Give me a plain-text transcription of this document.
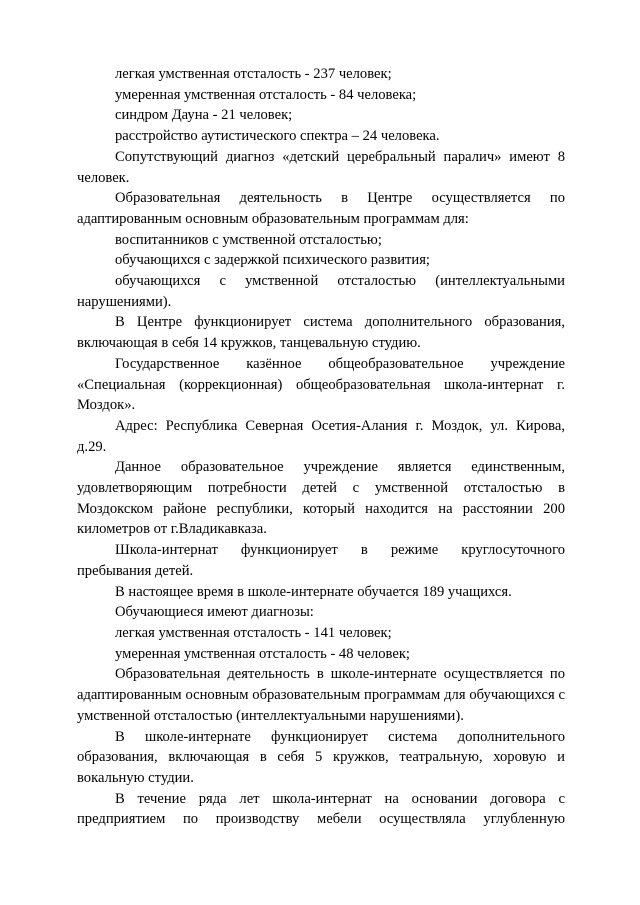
легкая умственная отсталость - 237 человек;

умеренная умственная отсталость - 84 человека;

синдром Дауна - 21 человек;

расстройство аутистического спектра – 24 человека.

Сопутствующий диагноз «детский церебральный паралич» имеют 8 человек.

Образовательная деятельность в Центре осуществляется по адаптированным основным образовательным программам для:

воспитанников с умственной отсталостью;

обучающихся с задержкой психического развития;

обучающихся с умственной отсталостью (интеллектуальными нарушениями).

В Центре функционирует система дополнительного образования, включающая в себя 14 кружков, танцевальную студию.

Государственное казённое общеобразовательное учреждение «Специальная (коррекционная) общеобразовательная школа-интернат г. Моздок».

Адрес: Республика Северная Осетия-Алания г. Моздок, ул. Кирова, д.29.

Данное образовательное учреждение является единственным, удовлетворяющим потребности детей с умственной отсталостью в Моздокском районе республики, который находится на расстоянии 200 километров от г.Владикавказа.

Школа-интернат функционирует в режиме круглосуточного пребывания детей.

В настоящее время в школе-интернате обучается 189 учащихся.

Обучающиеся имеют диагнозы:

легкая умственная отсталость - 141 человек;

умеренная умственная отсталость - 48 человек;

Образовательная деятельность в школе-интернате осуществляется по адаптированным основным образовательным программам для обучающихся с умственной отсталостью (интеллектуальными нарушениями).

В школе-интернате функционирует система дополнительного образования, включающая в себя 5 кружков, театральную, хоровую и вокальную студии.

В течение ряда лет школа-интернат на основании договора с предприятием по производству мебели осуществляла углубленную
